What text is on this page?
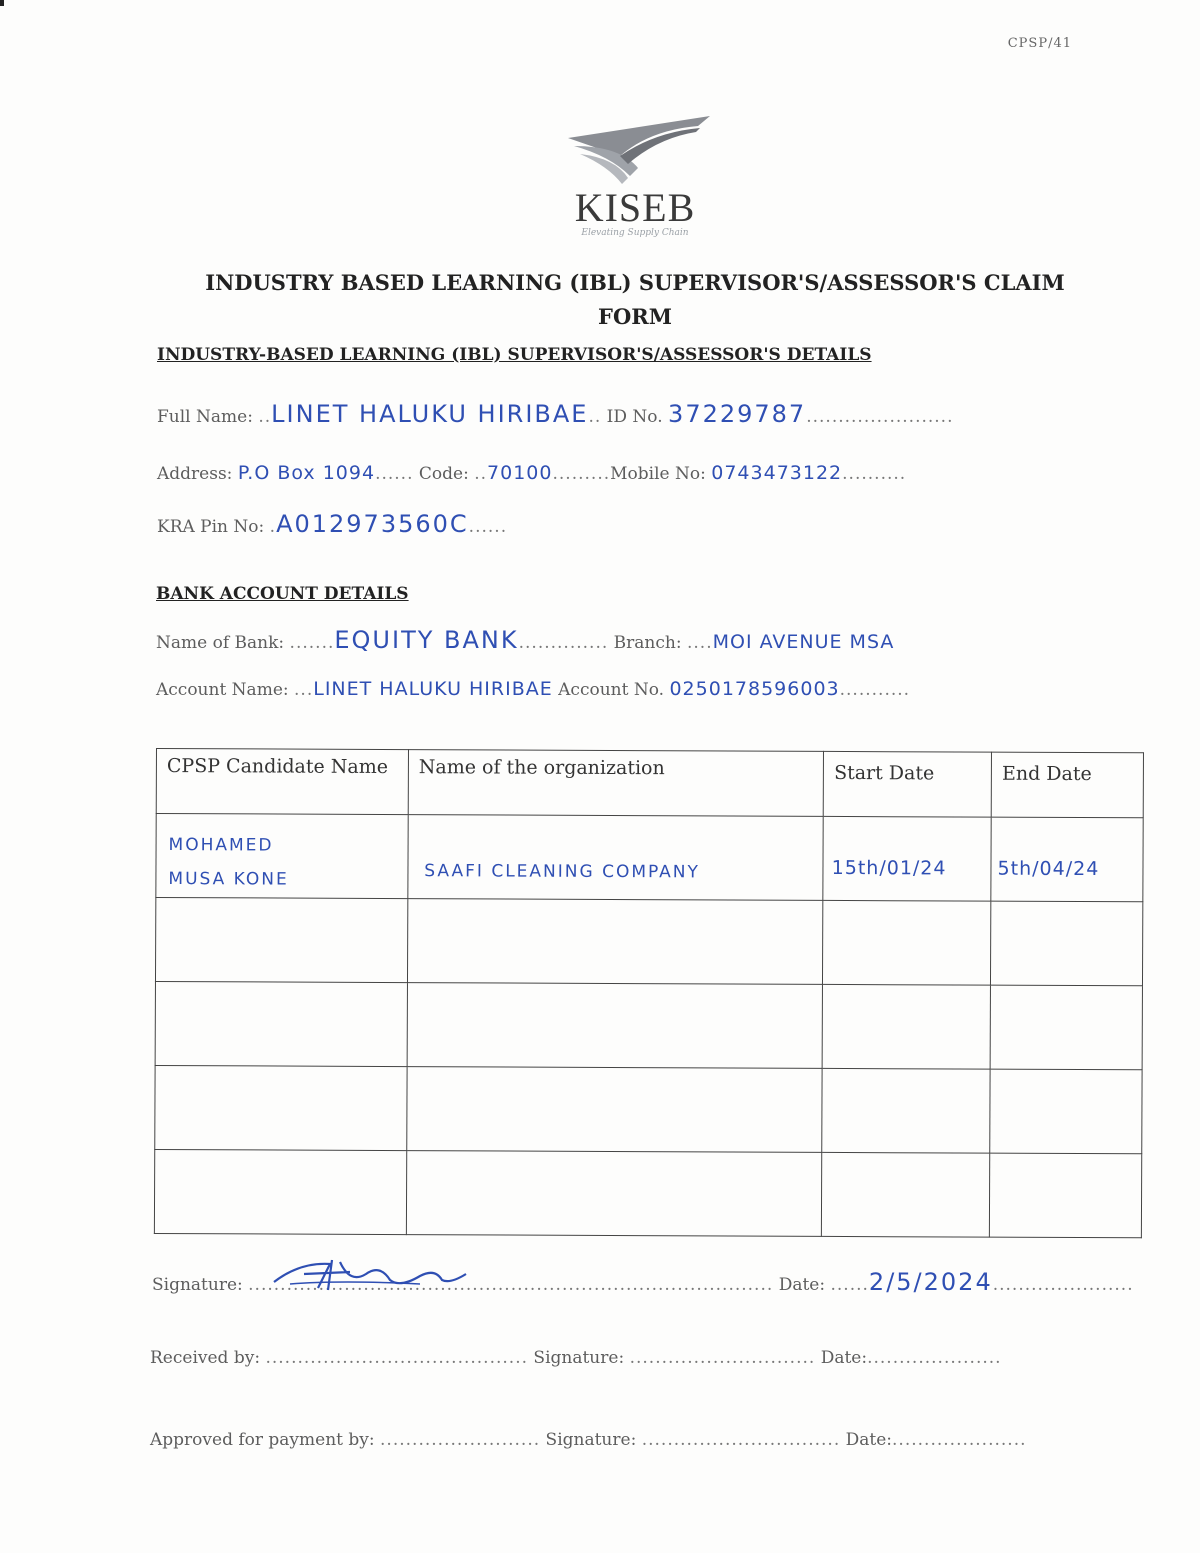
CPSP/41
KISEB
Elevating Supply Chain
INDUSTRY BASED LEARNING (IBL) SUPERVISOR'S/ASSESSOR'S CLAIM
FORM
INDUSTRY-BASED LEARNING (IBL) SUPERVISOR'S/ASSESSOR'S DETAILS
Full Name: ..LINET HALUKU HIRIBAE.. ID No. 37229787.......................
Address: P.O Box 1094...... Code: ..70100.........Mobile No: 0743473122..........
KRA Pin No: .A012973560C......
BANK ACCOUNT DETAILS
Name of Bank: .......EQUITY BANK.............. Branch: ....MOI AVENUE MSA
Account Name: ...LINET HALUKU HIRIBAE Account No. 0250178596003...........
CPSP Candidate Name	Name of the organization	Start Date	End Date

MOHAMED MUSA KONE	SAAFI CLEANING COMPANY	15th/01/24	5th/04/24

Signature: .................................................................................. Date: ......2/5/2024......................
Received by: ......................................... Signature: ............................. Date:.....................
Approved for payment by: ......................... Signature: ............................... Date:.....................
